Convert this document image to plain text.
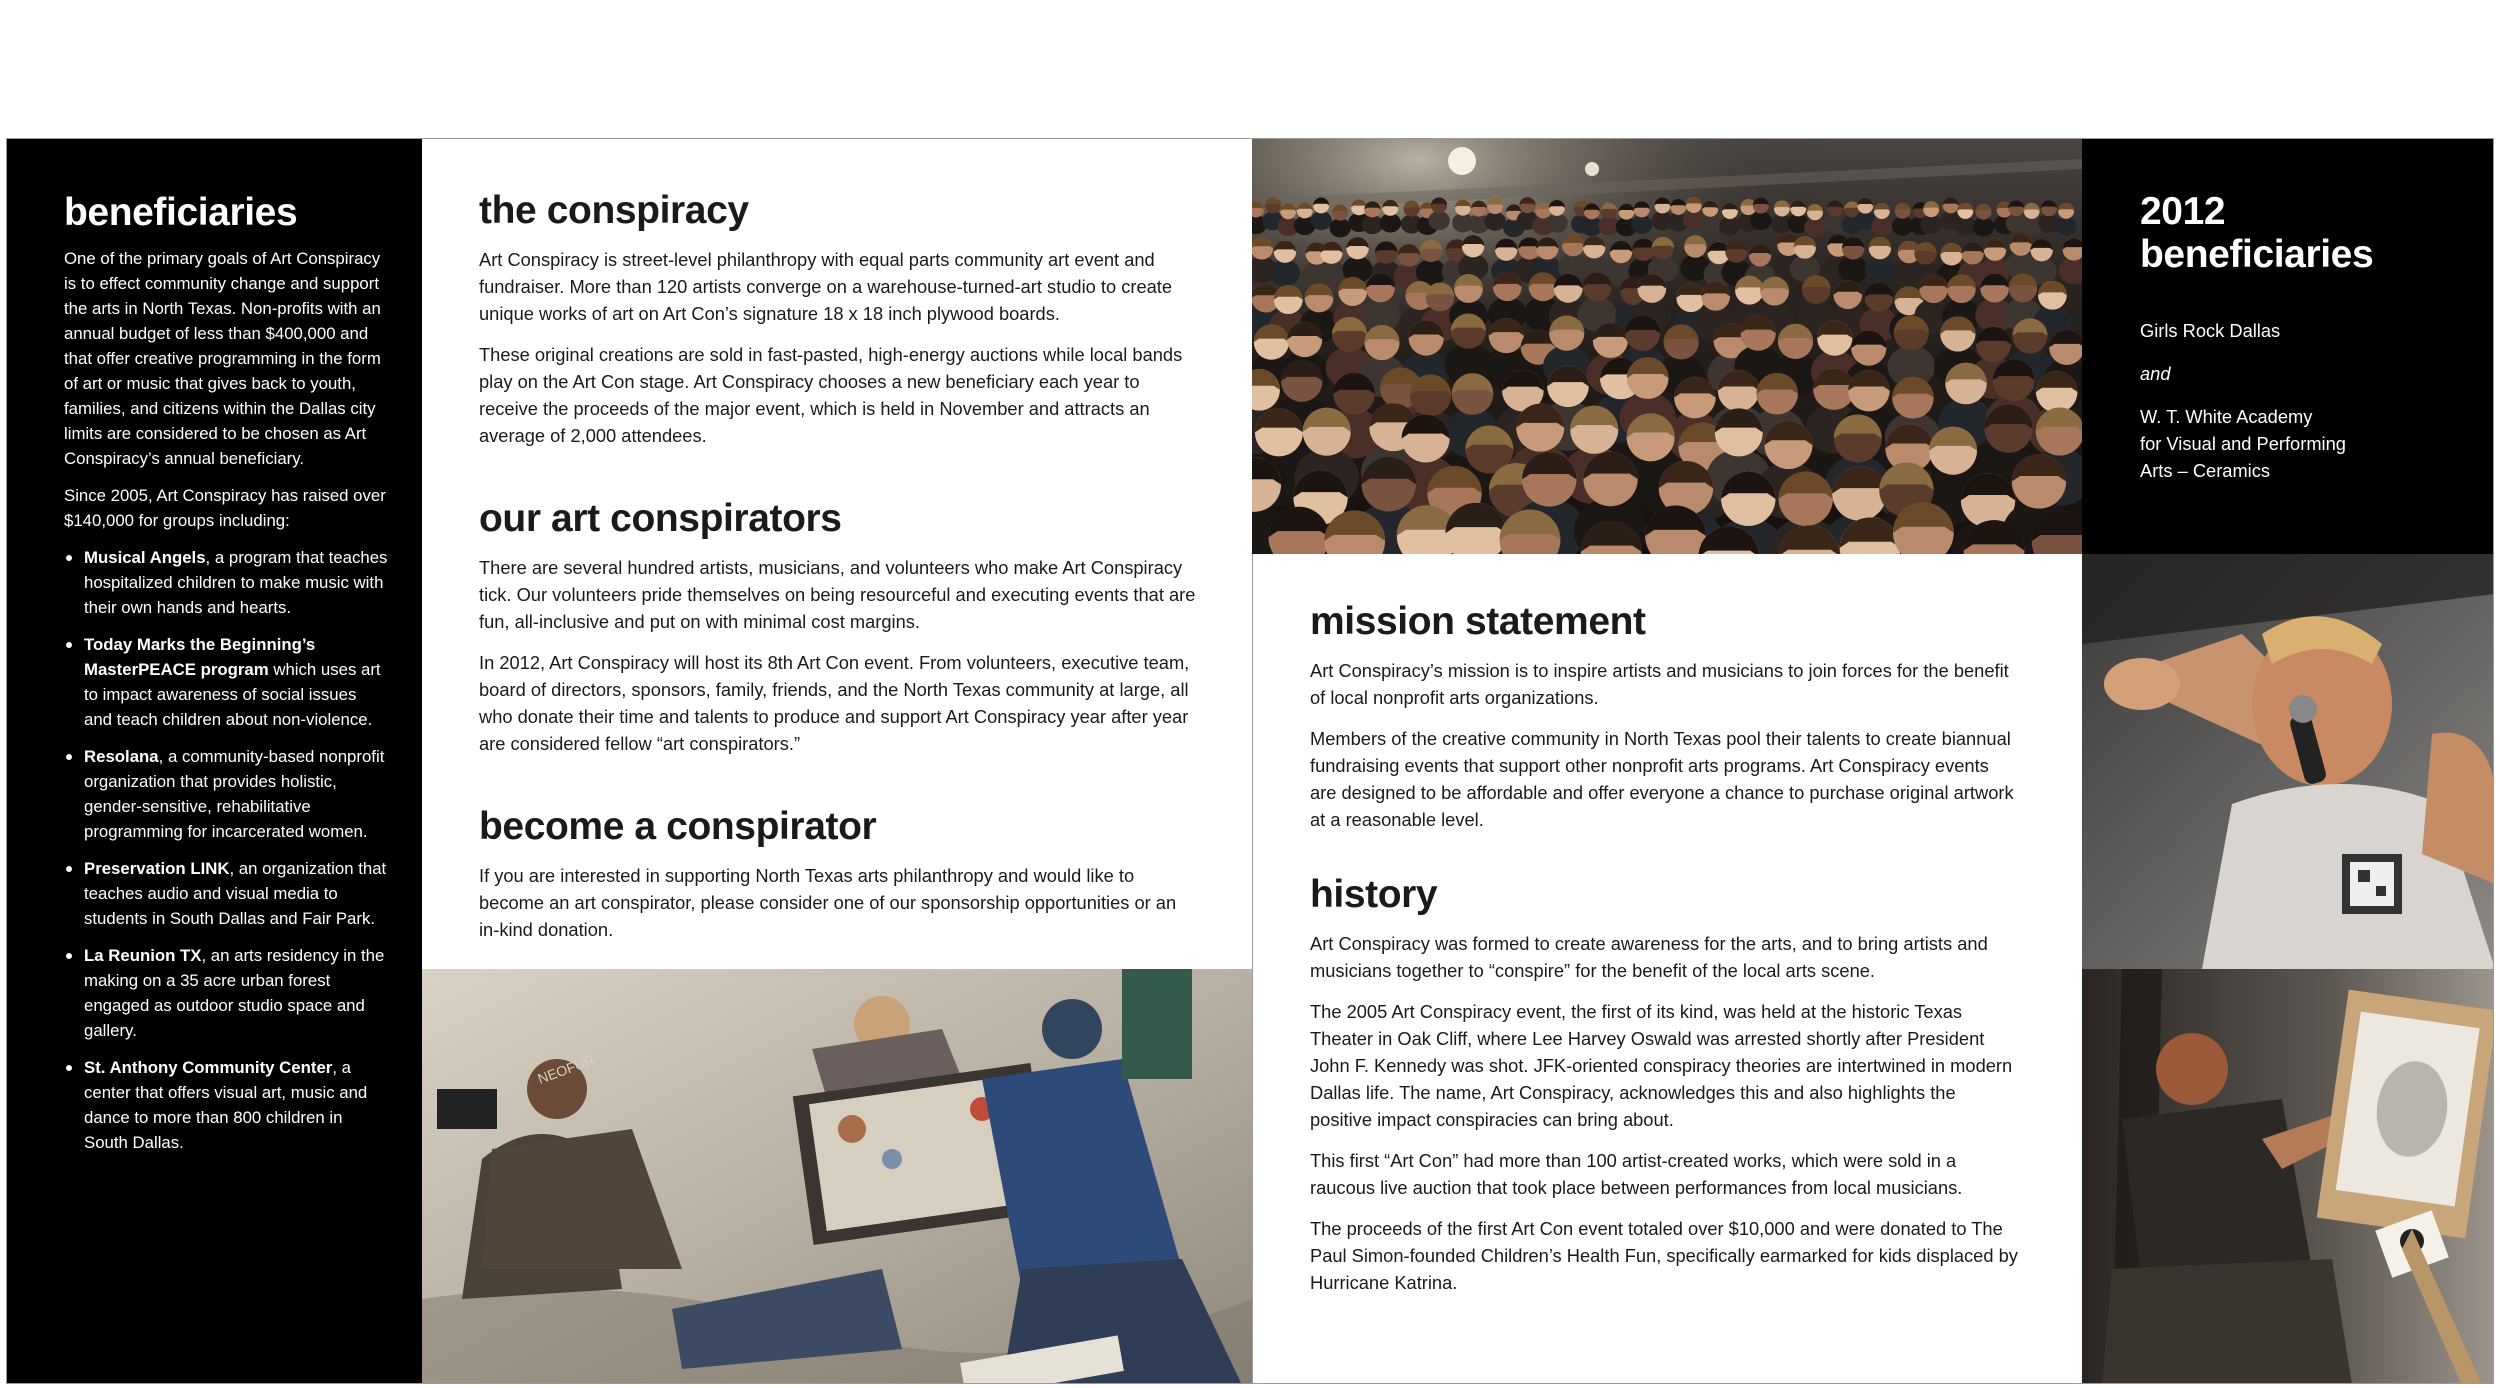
beneficiaries

One of the primary goals of Art Conspiracy is to effect community change and support the arts in North Texas. Non-profits with an annual budget of less than $400,000 and that offer creative programming in the form of art or music that gives back to youth, families, and citizens within the Dallas city limits are considered to be chosen as Art Conspiracy’s annual beneficiary.

Since 2005, Art Conspiracy has raised over $140,000 for groups including:

Musical Angels, a program that teaches hospitalized children to make music with their own hands and hearts.
Today Marks the Beginning’s MasterPEACE program which uses art to impact awareness of social issues and teach children about non-violence.
Resolana, a community-based nonprofit organization that provides holistic, gender-sensitive, rehabilitative programming for incarcerated women.
Preservation LINK, an organization that teaches audio and visual media to students in South Dallas and Fair Park.
La Reunion TX, an arts residency in the making on a 35 acre urban forest engaged as outdoor studio space and gallery.
St. Anthony Community Center, a center that offers visual art, music and dance to more than 800 children in South Dallas.
the conspiracy

Art Conspiracy is street-level philanthropy with equal parts community art event and fundraiser. More than 120 artists converge on a warehouse-turned-art studio to create unique works of art on Art Con’s signature 18 x 18 inch plywood boards.

These original creations are sold in fast-pasted, high-energy auctions while local bands play on the Art Con stage. Art Conspiracy chooses a new beneficiary each year to receive the proceeds of the major event, which is held in November and attracts an average of 2,000 attendees.

our art conspirators

There are several hundred artists, musicians, and volunteers who make Art Conspiracy tick. Our volunteers pride themselves on being resourceful and executing events that are fun, all-inclusive and put on with minimal cost margins.

In 2012, Art Conspiracy will host its 8th Art Con event. From volunteers, executive team, board of directors, sponsors, family, friends, and the North Texas community at large, all who donate their time and talents to produce and support Art Conspiracy year after year are considered fellow “art conspirators.”

become a conspirator

If you are interested in supporting North Texas arts philanthropy and would like to become an art conspirator, please consider one of our sponsorship opportunities or an in-kind donation.

NEOFUR
mission statement

Art Conspiracy’s mission is to inspire artists and musicians to join forces for the benefit of local nonprofit arts organizations.

Members of the creative community in North Texas pool their talents to create biannual fundraising events that support other nonprofit arts programs. Art Conspiracy events are designed to be affordable and offer everyone a chance to purchase original artwork at a reasonable level.

history

Art Conspiracy was formed to create awareness for the arts, and to bring artists and musicians together to “conspire” for the benefit of the local arts scene.

The 2005 Art Conspiracy event, the first of its kind, was held at the historic Texas Theater in Oak Cliff, where Lee Harvey Oswald was arrested shortly after President John F. Kennedy was shot. JFK-oriented conspiracy theories are intertwined in modern Dallas life. The name, Art Conspiracy, acknowledges this and also highlights the positive impact conspiracies can bring about.

This first “Art Con” had more than 100 artist-created works, which were sold in a raucous live auction that took place between performances from local musicians.

The proceeds of the first Art Con event totaled over $10,000 and were donated to The Paul Simon-founded Children’s Health Fun, specifically earmarked for kids displaced by Hurricane Katrina.

2012
beneficiaries

Girls Rock Dallas

and

W. T. White Academy
for Visual and Performing
Arts – Ceramics
